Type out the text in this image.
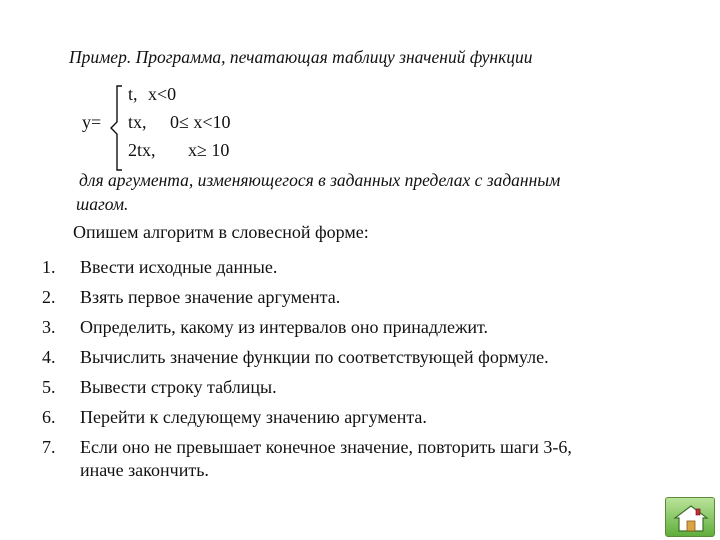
Пример. Программа, печатающая таблицу значений функции
y=
t, x<0
tx, 0≤ x<10
2tx, x≥ 10
для аргумента, изменяющегося в заданных пределах с заданным
шагом.
Опишем алгоритм в словесной форме:
1.	Ввести исходные данные.
2.	Взять первое значение аргумента.
3.	Определить, какому из интервалов оно принадлежит.
4.	Вычислить значение функции по соответствующей формуле.
5.	Вывести строку таблицы.
6.	Перейти к следующему значению аргумента.
7.	Если оно не превышает конечное значение, повторить шаги 3-6,
иначе закончить.
